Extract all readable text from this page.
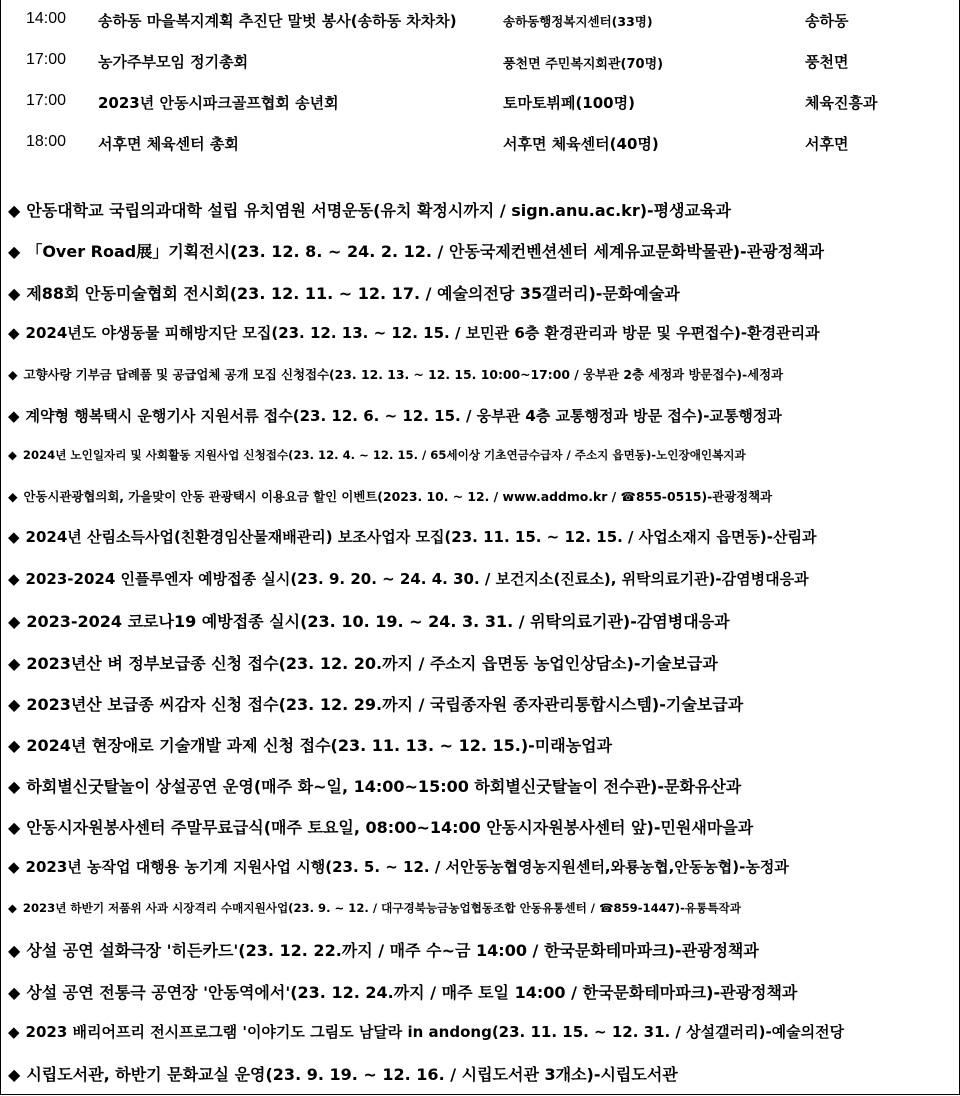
14:00 송하동 마을복지계획 추진단 말벗 봉사(송하동 차차차)	송하동행정복지센터(33명)	송하동
17:00 농가주부모임 정기총회	풍천면 주민복지회관(70명)	풍천면
17:00 2023년 안동시파크골프협회 송년회	토마토뷔페(100명)	체육진흥과
18:00 서후면 체육센터 총회	서후면 체육센터(40명)	서후면
◆ 안동대학교 국립의과대학 설립 유치염원 서명운동(유치 확정시까지 / sign.anu.ac.kr)-평생교육과
◆ 「Over Road展」기획전시(23. 12. 8. ~ 24. 2. 12. / 안동국제컨벤션센터 세계유교문화박물관)-관광정책과
◆ 제88회 안동미술협회 전시회(23. 12. 11. ~ 12. 17. / 예술의전당 35갤러리)-문화예술과
◆ 2024년도 야생동물 피해방지단 모집(23. 12. 13. ~ 12. 15. / 보민관 6층 환경관리과 방문 및 우편접수)-환경관리과
◆ 고향사랑 기부금 답례품 및 공급업체 공개 모집 신청접수(23. 12. 13. ~ 12. 15. 10:00~17:00 / 웅부관 2층 세정과 방문접수)-세정과
◆ 계약형 행복택시 운행기사 지원서류 접수(23. 12. 6. ~ 12. 15. / 웅부관 4층 교통행정과 방문 접수)-교통행정과
◆ 2024년 노인일자리 및 사회활동 지원사업 신청접수(23. 12. 4. ~ 12. 15. / 65세이상 기초연금수급자 / 주소지 읍면동)-노인장애인복지과
◆ 안동시관광협의회, 가을맞이 안동 관광택시 이용요금 할인 이벤트(2023. 10. ~ 12. / www.addmo.kr / ☎855-0515)-관광정책과
◆ 2024년 산림소득사업(친환경임산물재배관리) 보조사업자 모집(23. 11. 15. ~ 12. 15. / 사업소재지 읍면동)-산림과
◆ 2023-2024 인플루엔자 예방접종 실시(23. 9. 20. ~ 24. 4. 30. / 보건지소(진료소), 위탁의료기관)-감염병대응과
◆ 2023-2024 코로나19 예방접종 실시(23. 10. 19. ~ 24. 3. 31. / 위탁의료기관)-감염병대응과
◆ 2023년산 벼 정부보급종 신청 접수(23. 12. 20.까지 / 주소지 읍면동 농업인상담소)-기술보급과
◆ 2023년산 보급종 씨감자 신청 접수(23. 12. 29.까지 / 국립종자원 종자관리통합시스템)-기술보급과
◆ 2024년 현장애로 기술개발 과제 신청 접수(23. 11. 13. ~ 12. 15.)-미래농업과
◆ 하회별신굿탈놀이 상설공연 운영(매주 화~일, 14:00~15:00 하회별신굿탈놀이 전수관)-문화유산과
◆ 안동시자원봉사센터 주말무료급식(매주 토요일, 08:00~14:00 안동시자원봉사센터 앞)-민원새마을과
◆ 2023년 농작업 대행용 농기계 지원사업 시행(23. 5. ~ 12. / 서안동농협영농지원센터,와룡농협,안동농협)-농정과
◆ 2023년 하반기 저품위 사과 시장격리 수매지원사업(23. 9. ~ 12. / 대구경북능금농업협동조합 안동유통센터 / ☎859-1447)-유통특작과
◆ 상설 공연 설화극장 '히든카드'(23. 12. 22.까지 / 매주 수~금 14:00 / 한국문화테마파크)-관광정책과
◆ 상설 공연 전통극 공연장 '안동역에서'(23. 12. 24.까지 / 매주 토일 14:00 / 한국문화테마파크)-관광정책과
◆ 2023 배리어프리 전시프로그램 '이야기도 그림도 남달라 in andong(23. 11. 15. ~ 12. 31. / 상설갤러리)-예술의전당
◆ 시립도서관, 하반기 문화교실 운영(23. 9. 19. ~ 12. 16. / 시립도서관 3개소)-시립도서관
